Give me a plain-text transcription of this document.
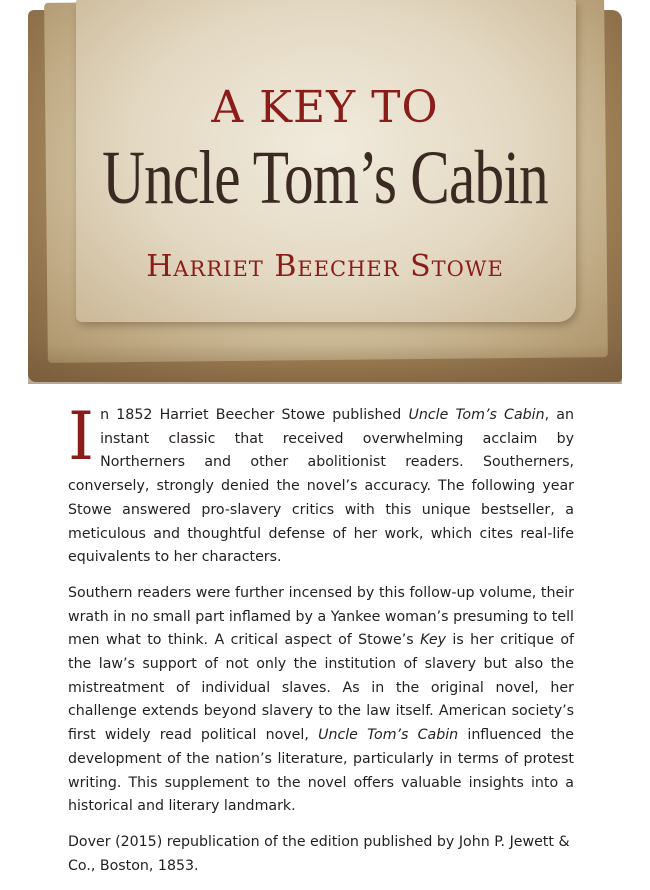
A KEY TO
Uncle Tom’s Cabin
Harriet Beecher Stowe

In 1852 Harriet Beecher Stowe published Uncle Tom’s Cabin, an instant classic that received overwhelming acclaim by Northerners and other abolitionist readers. Southerners, conversely, strongly denied the novel’s accuracy. The following year Stowe answered pro-slavery critics with this unique bestseller, a meticulous and thoughtful defense of her work, which cites real-life equivalents to her characters.

Southern readers were further incensed by this follow-up volume, their wrath in no small part inflamed by a Yankee woman’s presuming to tell men what to think. A critical aspect of Stowe’s Key is her critique of the law’s support of not only the institution of slavery but also the mistreatment of individual slaves. As in the original novel, her challenge extends beyond slavery to the law itself. American society’s first widely read political novel, Uncle Tom’s Cabin influenced the development of the nation’s literature, particularly in terms of protest writing. This supplement to the novel offers valuable insights into a historical and literary landmark.

Dover (2015) republication of the edition published by John P. Jewett & Co., Boston, 1853.
